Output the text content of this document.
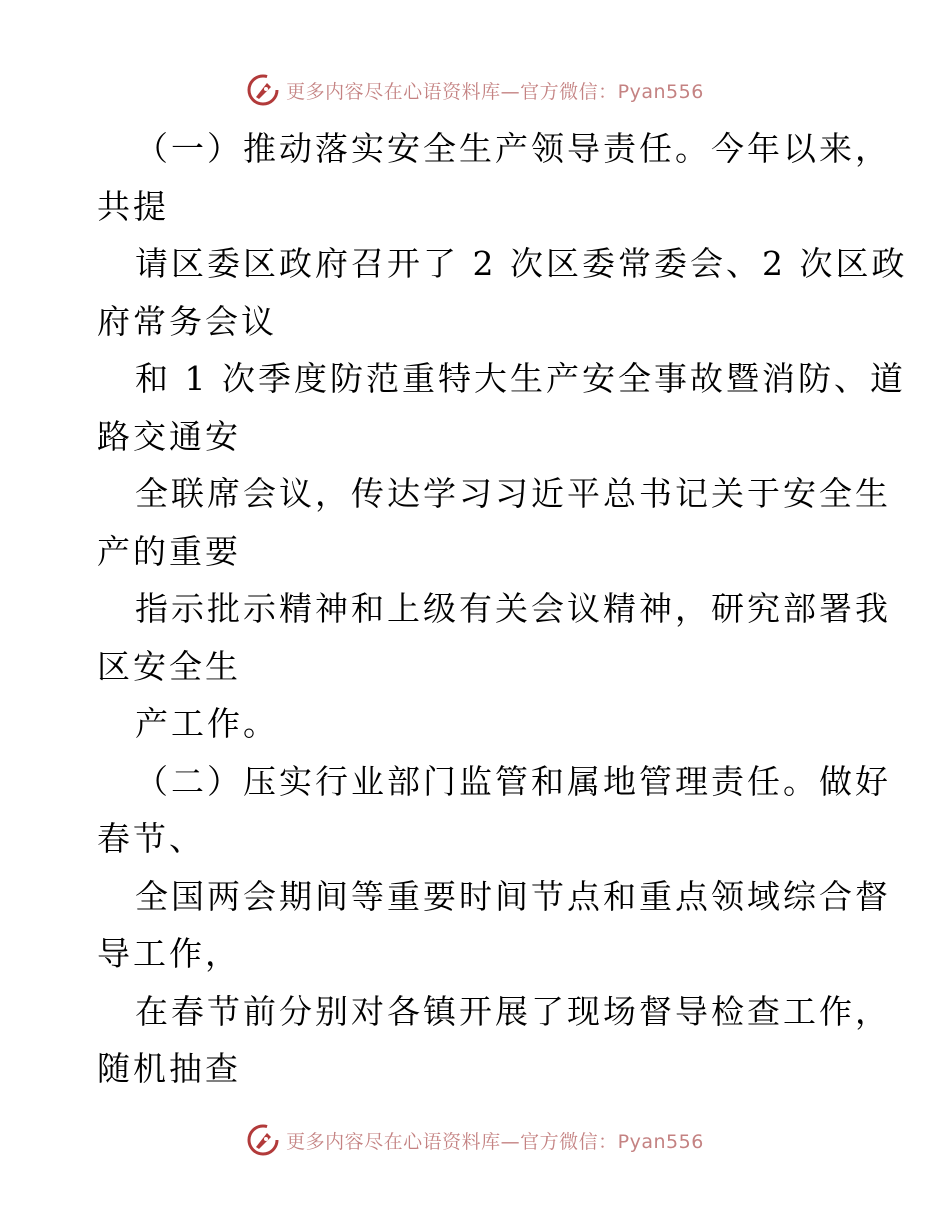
更多内容尽在心语资料库—官方微信：Pyan556
（一）推动落实安全生产领导责任。今年以来，
共提
请区委区政府召开了 2 次区委常委会、2 次区政
府常务会议
和 1 次季度防范重特大生产安全事故暨消防、道
路交通安
全联席会议，传达学习习近平总书记关于安全生
产的重要
指示批示精神和上级有关会议精神，研究部署我
区安全生
产工作。
（二）压实行业部门监管和属地管理责任。做好
春节、
全国两会期间等重要时间节点和重点领域综合督
导工作，
在春节前分别对各镇开展了现场督导检查工作，
随机抽查
更多内容尽在心语资料库—官方微信：Pyan556
